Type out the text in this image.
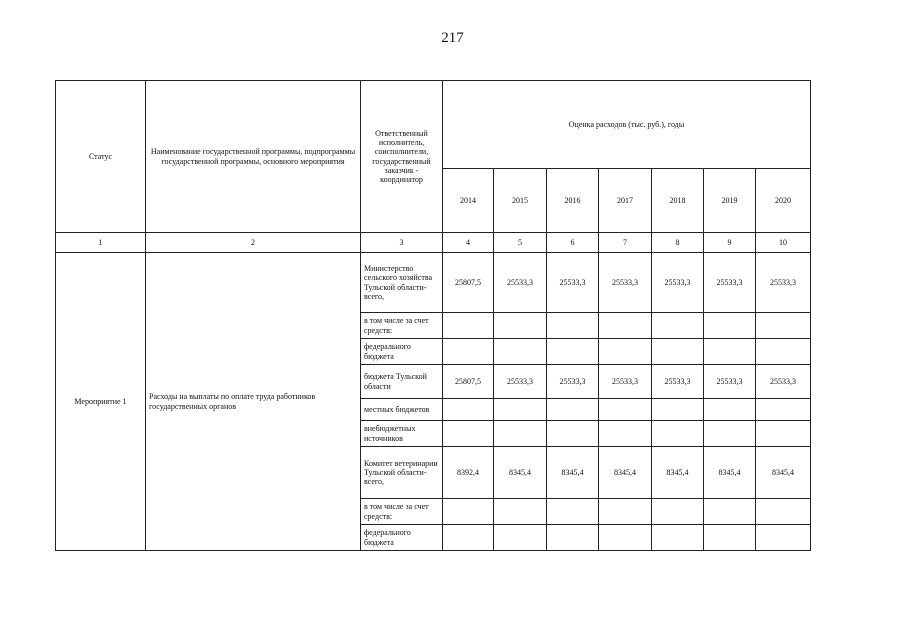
217
Статус	Наименование государственной программы, подпрограммы государственной программы, основного мероприятия	Ответственный исполнитель, соисполнители, государственный заказчик - координатор	Оценка расходов (тыс. руб.), годы						
			2014	2015	2016	2017	2018	2019	2020
1	2	3	4	5	6	7	8	9	10
Мероприятие 1	Расходы на выплаты по оплате труда работников государственных органов	Министерство сельского хозяйства Тульской области- всего,	25807,5	25533,3	25533,3	25533,3	25533,3	25533,3	25533,3
		в том числе за счет средств:							
		федерального бюджета							
		бюджета Тульской области	25807,5	25533,3	25533,3	25533,3	25533,3	25533,3	25533,3
		местных бюджетов							
		внебюджетных источников							
		Комитет ветеринарии Тульской области- всего,	8392,4	8345,4	8345,4	8345,4	8345,4	8345,4	8345,4
		в том числе за счет средств:							
		федерального бюджета							
